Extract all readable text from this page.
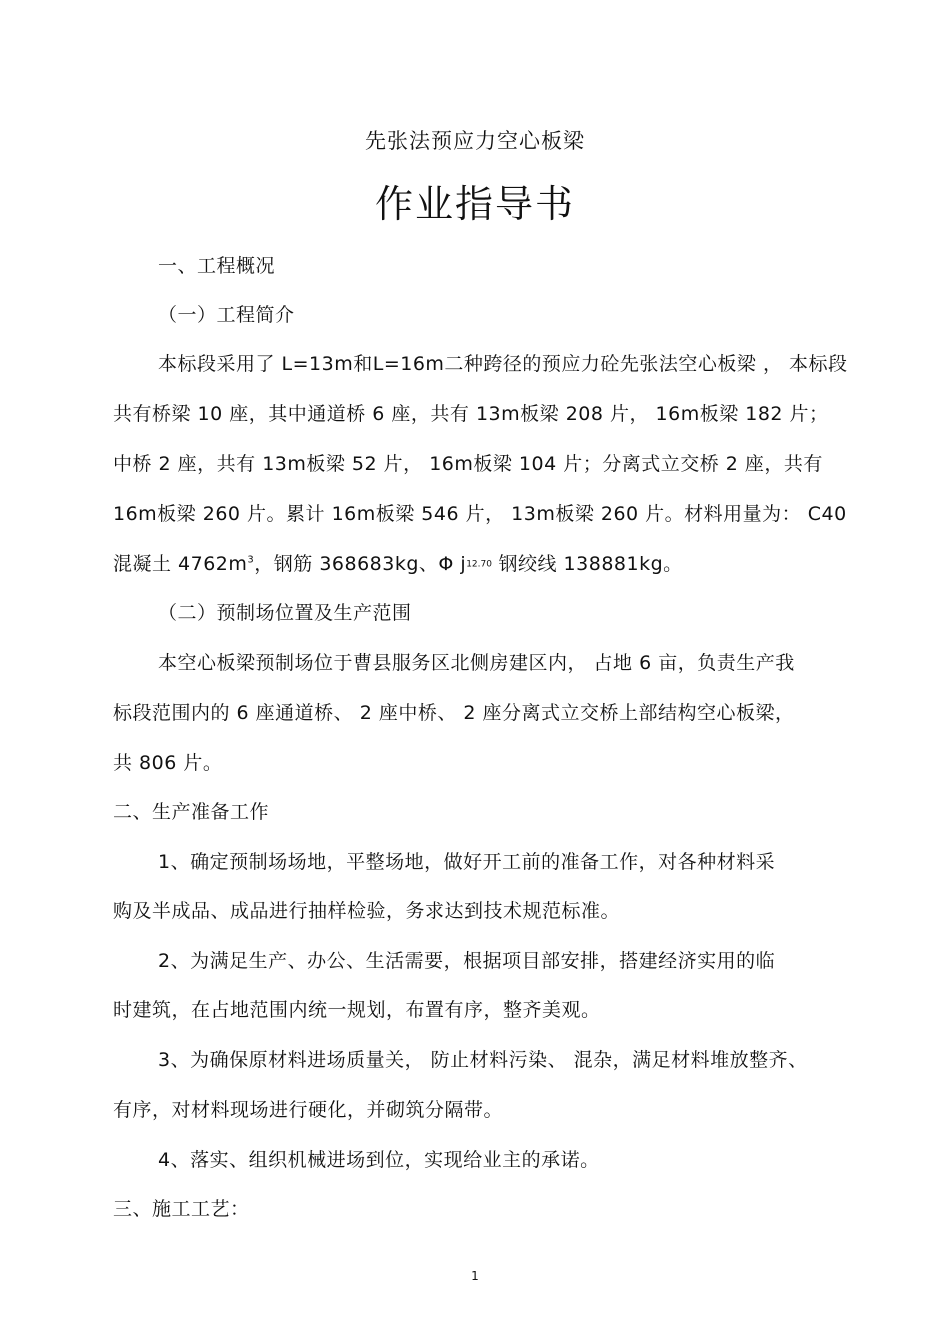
先张法预应力空心板梁
作业指导书
一、工程概况
（一）工程简介
本标段采用了 L=13m和L=16m二种跨径的预应力砼先张法空心板梁 ， 本标段
共有桥梁 10 座，其中通道桥 6 座，共有 13m板梁 208 片， 16m板梁 182 片；
中桥 2 座，共有 13m板梁 52 片， 16m板梁 104 片；分离式立交桥 2 座，共有
16m板梁 260 片。累计 16m板梁 546 片， 13m板梁 260 片。材料用量为： C40
混凝土 $4762m^3$，钢筋 368683kg、Φ j12.70 钢绞线 138881kg。
（二）预制场位置及生产范围
本空心板梁预制场位于曹县服务区北侧房建区内， 占地 6 亩，负责生产我
标段范围内的 6 座通道桥、 2 座中桥、 2 座分离式立交桥上部结构空心板梁，
共 806 片。
二、生产准备工作
1、确定预制场场地，平整场地，做好开工前的准备工作，对各种材料采
购及半成品、成品进行抽样检验，务求达到技术规范标准。
2、为满足生产、办公、生活需要，根据项目部安排，搭建经济实用的临
时建筑，在占地范围内统一规划，布置有序，整齐美观。
3、为确保原材料进场质量关， 防止材料污染、 混杂，满足材料堆放整齐、
有序，对材料现场进行硬化，并砌筑分隔带。
4、落实、组织机械进场到位，实现给业主的承诺。
三、施工工艺：
1
